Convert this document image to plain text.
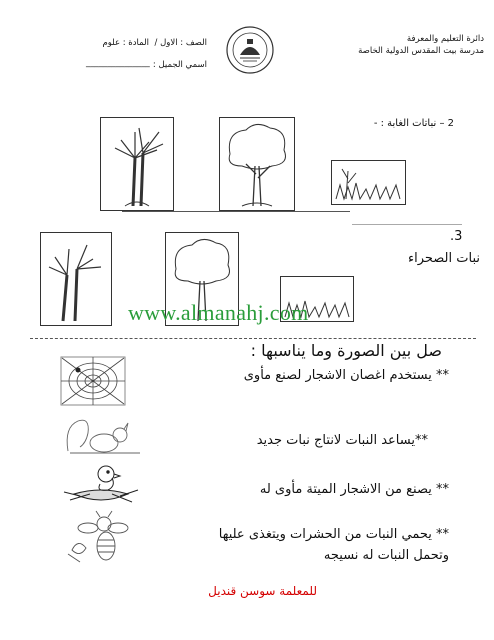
دائرة التعليم والمعرفة
مدرسة بيت المقدس الدولية الخاصة
الصف : الاول /
المادة : علوم
اسمي الجميل :
_______________
2 – نباتات الغابة : -
.3
نبات الصحراء
www.almanahj.com
صل بين الصورة وما يناسبها :
** يستخدم اغصان الاشجار لصنع مأوى
**يساعد النبات لانتاج نبات جديد
** يصنع من الاشجار الميتة مأوى له
** يحمي النبات من الحشرات ويتغذى عليها
وتحمل النبات له نسيجه
للمعلمة سوسن قنديل
